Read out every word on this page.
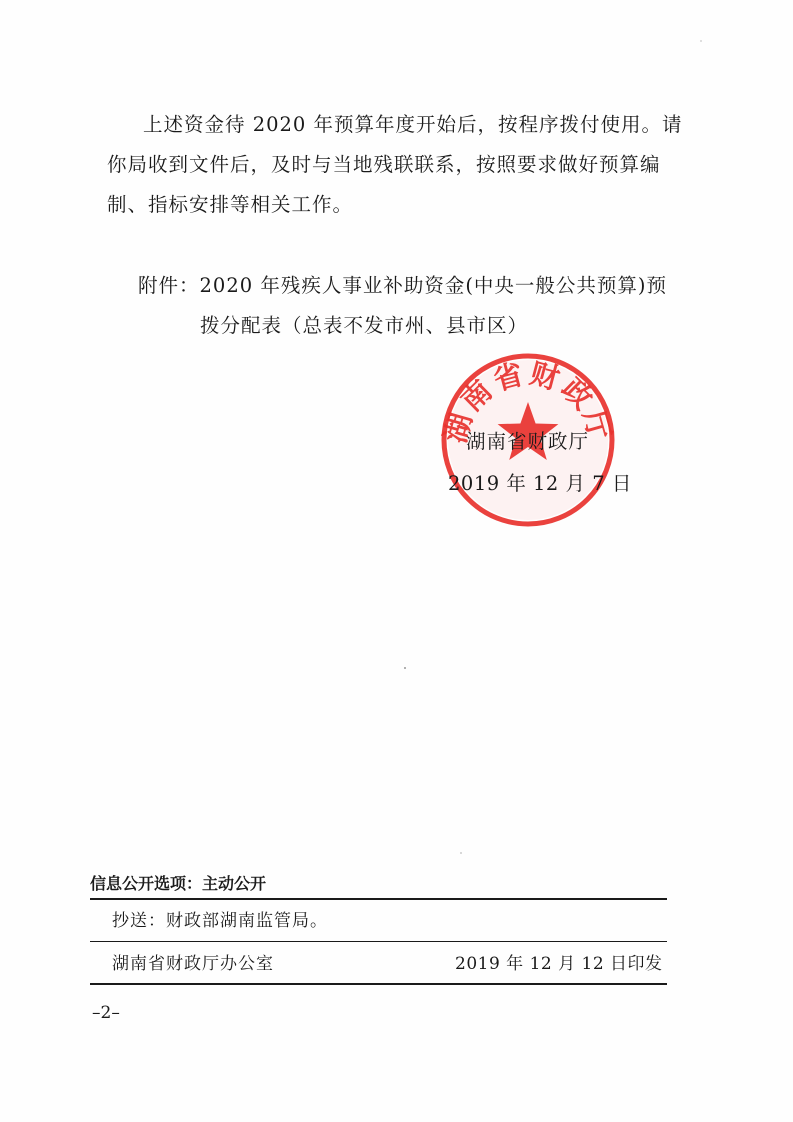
上述资金待 2020 年预算年度开始后，按程序拨付使用。请
你局收到文件后，及时与当地残联联系，按照要求做好预算编
制、指标安排等相关工作。
附件：2020 年残疾人事业补助资金(中央一般公共预算)预
拨分配表（总表不发市州、县市区）
湖南省财政厅
湖南省财政厅
2019 年 12 月 7 日
信息公开选项：主动公开
抄送：财政部湖南监管局。
湖南省财政厅办公室	2019 年 12 月 12 日印发
–2–
